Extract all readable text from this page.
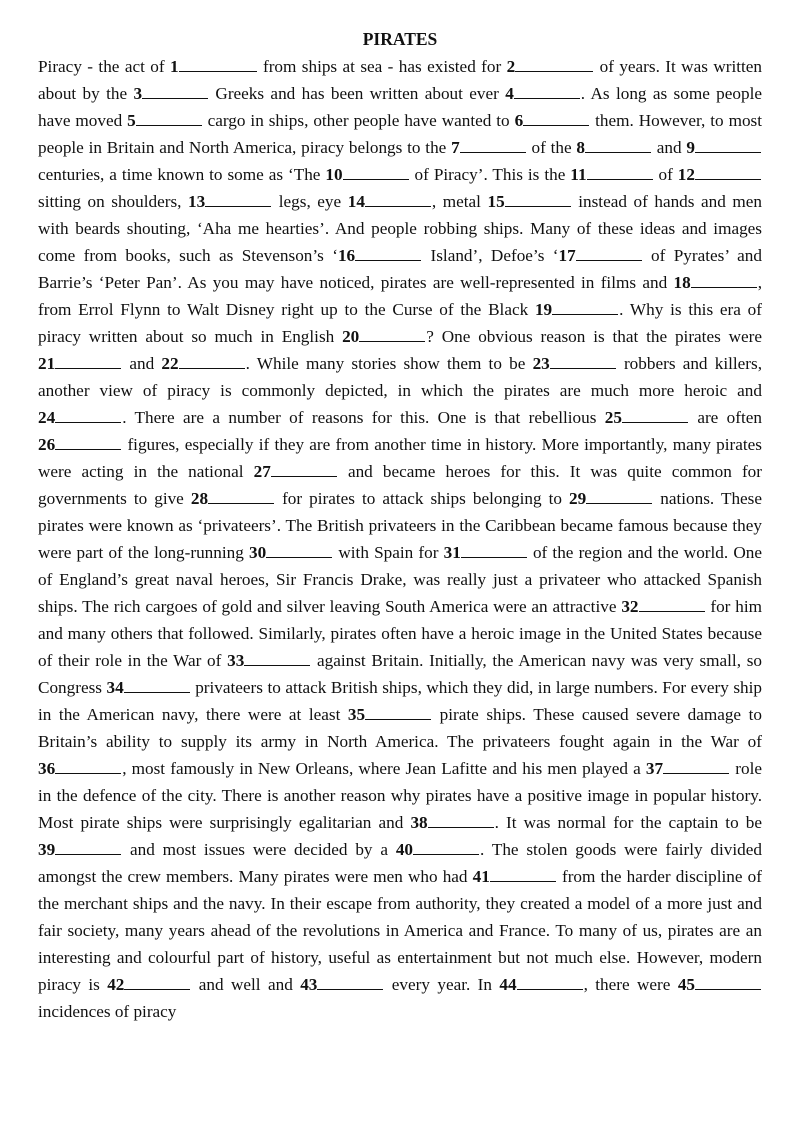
PIRATES

Piracy - the act of 1	from ships at sea - has existed for 2	of years. It was written about by the 3	Greeks and has been written about ever 4	. As long as some people have moved 5	cargo in ships, other people have wanted to 6	them. However, to most people in Britain and North America, piracy belongs to the 7	of the 8	and 9 centuries, a time known to some as ‘The 10	of Piracy’. This is the 11	of 12 sitting on shoulders, 13	legs, eye 14	, metal 15	instead of hands and men with beards shouting, ‘Aha me hearties’. And people robbing ships. Many of these ideas and images come from books, such as Stevenson’s ‘16	Island’, Defoe’s ‘17	of Pyrates’ and Barrie’s ‘Peter Pan’. As you may have noticed, pirates are well-represented in films and 18	, from Errol Flynn to Walt Disney right up to the Curse of the Black 19	. Why is this era of piracy written about so much in English 20	? One obvious reason is that the pirates were 21	and 22	. While many stories show them to be 23	robbers and killers, another view of piracy is commonly depicted, in which the pirates are much more heroic and 24	. There are a number of reasons for this. One is that rebellious 25	are often 26	figures, especially if they are from another time in history. More importantly, many pirates were acting in the national 27	and became heroes for this. It was quite common for governments to give 28	for pirates to attack ships belonging to 29	nations. These pirates were known as ‘privateers’. The British privateers in the Caribbean became famous because they were part of the long-running 30	with Spain for 31	of the region and the world. One of England’s great naval heroes, Sir Francis Drake, was really just a privateer who attacked Spanish ships. The rich cargoes of gold and silver leaving South America were an attractive 32	for him and many others that followed. Similarly, pirates often have a heroic image in the United States because of their role in the War of 33	against Britain. Initially, the American navy was very small, so Congress 34	privateers to attack British ships, which they did, in large numbers. For every ship in the American navy, there were at least 35	pirate ships. These caused severe damage to Britain’s ability to supply its army in North America. The privateers fought again in the War of 36	, most famously in New Orleans, where Jean Lafitte and his men played a 37	role in the defence of the city. There is another reason why pirates have a positive image in popular history. Most pirate ships were surprisingly egalitarian and 38	. It was normal for the captain to be 39	and most issues were decided by a 40	. The stolen goods were fairly divided amongst the crew members. Many pirates were men who had 41	from the harder discipline of the merchant ships and the navy. In their escape from authority, they created a model of a more just and fair society, many years ahead of the revolutions in America and France. To many of us, pirates are an interesting and colourful part of history, useful as entertainment but not much else. However, modern piracy is 42	and well and 43	every year. In 44	, there were 45 incidences of piracy
